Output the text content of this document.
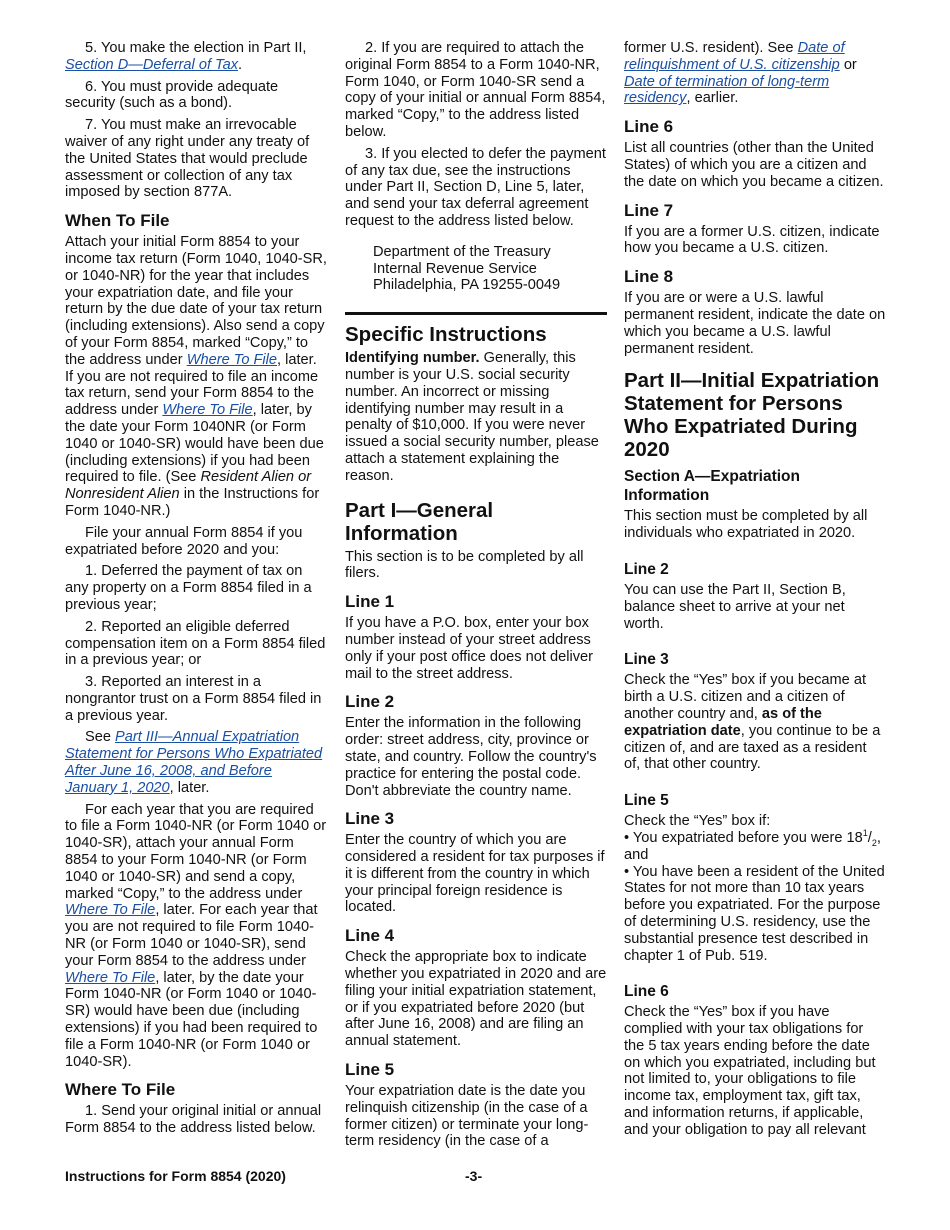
5. You make the election in Part II, Section D—Deferral of Tax.

6. You must provide adequate security (such as a bond).

7. You must make an irrevocable waiver of any right under any treaty of the United States that would preclude assessment or collection of any tax imposed by section 877A.

When To File

Attach your initial Form 8854 to your income tax return (Form 1040, 1040-SR, or 1040-NR) for the year that includes your expatriation date, and file your return by the due date of your tax return (including extensions). Also send a copy of your Form 8854, marked “Copy,” to the address under Where To File, later. If you are not required to file an income tax return, send your Form 8854 to the address under Where To File, later, by the date your Form 1040NR (or Form 1040 or 1040-SR) would have been due (including extensions) if you had been required to file. (See Resident Alien or Nonresident Alien in the Instructions for Form 1040-NR.)

File your annual Form 8854 if you expatriated before 2020 and you:

1. Deferred the payment of tax on any property on a Form 8854 filed in a previous year;

2. Reported an eligible deferred compensation item on a Form 8854 filed in a previous year; or

3. Reported an interest in a nongrantor trust on a Form 8854 filed in a previous year.

See Part III—Annual Expatriation Statement for Persons Who Expatriated After June 16, 2008, and Before January 1, 2020, later.

For each year that you are required to file a Form 1040-NR (or Form 1040 or 1040-SR), attach your annual Form 8854 to your Form 1040-NR (or Form 1040 or 1040-SR) and send a copy, marked “Copy,” to the address under Where To File, later. For each year that you are not required to file Form 1040-NR (or Form 1040 or 1040-SR), send your Form 8854 to the address under Where To File, later, by the date your Form 1040-NR (or Form 1040 or 1040-SR) would have been due (including extensions) if you had been required to file a Form 1040-NR (or Form 1040 or 1040-SR).

Where To File

1. Send your original initial or annual Form 8854 to the address listed below.

2. If you are required to attach the original Form 8854 to a Form 1040-NR, Form 1040, or Form 1040-SR send a copy of your initial or annual Form 8854, marked “Copy,” to the address listed below.

3. If you elected to defer the payment of any tax due, see the instructions under Part II, Section D, Line 5, later, and send your tax deferral agreement request to the address listed below.

Department of the Treasury
Internal Revenue Service
Philadelphia, PA 19255-0049
Specific Instructions

Identifying number. Generally, this number is your U.S. social security number. An incorrect or missing identifying number may result in a penalty of $10,000. If you were never issued a social security number, please attach a statement explaining the reason.

Part I—General Information

This section is to be completed by all filers.

Line 1

If you have a P.O. box, enter your box number instead of your street address only if your post office does not deliver mail to the street address.

Line 2

Enter the information in the following order: street address, city, province or state, and country. Follow the country's practice for entering the postal code. Don't abbreviate the country name.

Line 3

Enter the country of which you are considered a resident for tax purposes if it is different from the country in which your principal foreign residence is located.

Line 4

Check the appropriate box to indicate whether you expatriated in 2020 and are filing your initial expatriation statement, or if you expatriated before 2020 (but after June 16, 2008) and are filing an annual statement.

Line 5

Your expatriation date is the date you relinquish citizenship (in the case of a former citizen) or terminate your long-term residency (in the case of a

former U.S. resident). See Date of relinquishment of U.S. citizenship or Date of termination of long-term residency, earlier.

Line 6

List all countries (other than the United States) of which you are a citizen and the date on which you became a citizen.

Line 7

If you are a former U.S. citizen, indicate how you became a U.S. citizen.

Line 8

If you are or were a U.S. lawful permanent resident, indicate the date on which you became a U.S. lawful permanent resident.

Part II—Initial Expatriation Statement for Persons Who Expatriated During 2020
Section A—Expatriation Information

This section must be completed by all individuals who expatriated in 2020.

Line 2

You can use the Part II, Section B, balance sheet to arrive at your net worth.

Line 3

Check the “Yes” box if you became at birth a U.S. citizen and a citizen of another country and, as of the expatriation date, you continue to be a citizen of, and are taxed as a resident of, that other country.

Line 5

Check the “Yes” box if:

• You expatriated before you were $18^1/_2$, and

• You have been a resident of the United States for not more than 10 tax years before you expatriated. For the purpose of determining U.S. residency, use the substantial presence test described in chapter 1 of Pub. 519.

Line 6

Check the “Yes” box if you have complied with your tax obligations for the 5 tax years ending before the date on which you expatriated, including but not limited to, your obligations to file income tax, employment tax, gift tax, and information returns, if applicable, and your obligation to pay all relevant

Instructions for Form 8854 (2020)	-3-
